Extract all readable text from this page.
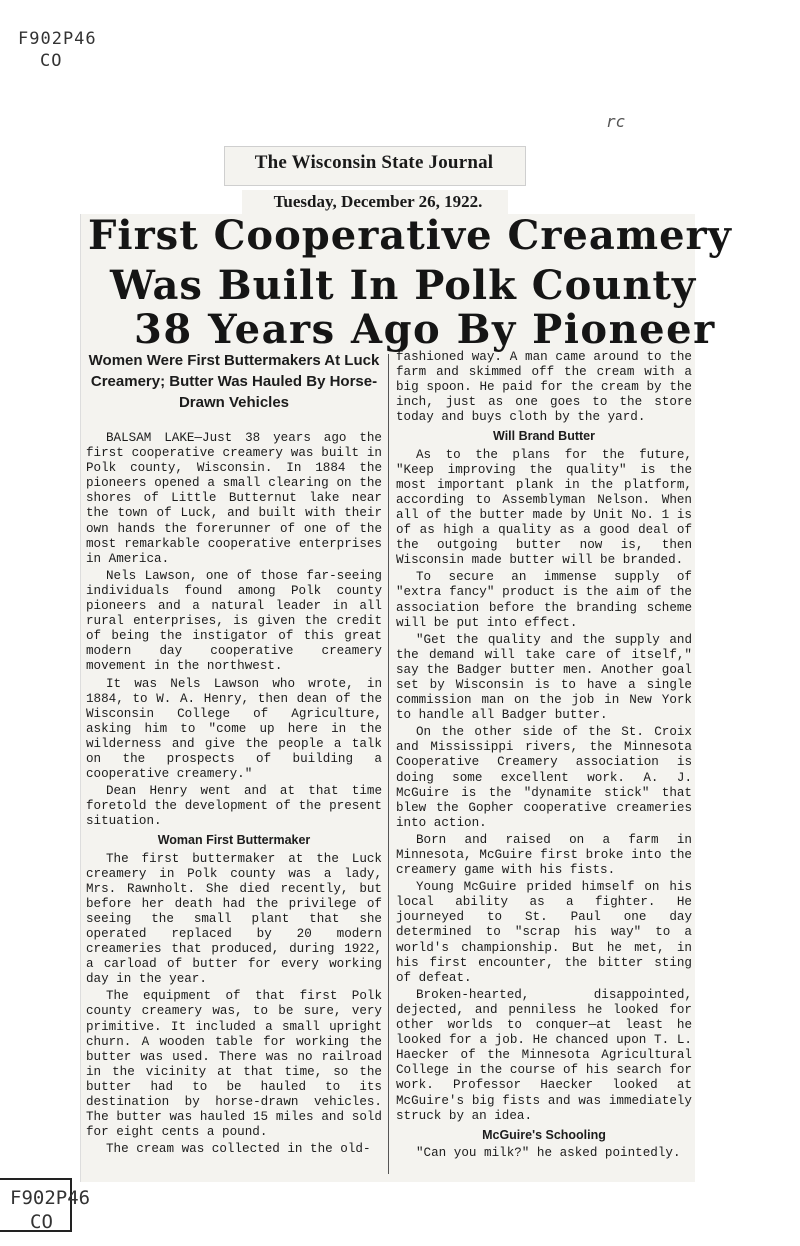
F902P46
CO
rc
F902P46
CO
The Wisconsin State Journal
Tuesday, December 26, 1922.
First Cooperative Creamery
Was Built In Polk County
38 Years Ago By Pioneer
Women Were First Buttermakers At Luck Creamery; Butter Was Hauled By Horse-Drawn Vehicles

BALSAM LAKE—Just 38 years ago the first cooperative creamery was built in Polk county, Wisconsin. In 1884 the pioneers opened a small clearing on the shores of Little Butternut lake near the town of Luck, and built with their own hands the forerunner of one of the most remarkable cooperative enterprises in America.

Nels Lawson, one of those far-seeing individuals found among Polk county pioneers and a natural leader in all rural enterprises, is given the credit of being the instigator of this great modern day cooperative creamery movement in the northwest.

It was Nels Lawson who wrote, in 1884, to W. A. Henry, then dean of the Wisconsin College of Agriculture, asking him to "come up here in the wilderness and give the people a talk on the prospects of building a cooperative creamery."

Dean Henry went and at that time foretold the development of the present situation.

Woman First Buttermaker

The first buttermaker at the Luck creamery in Polk county was a lady, Mrs. Rawnholt. She died recently, but before her death had the privilege of seeing the small plant that she operated replaced by 20 modern creameries that produced, during 1922, a carload of butter for every working day in the year.

The equipment of that first Polk county creamery was, to be sure, very primitive. It included a small upright churn. A wooden table for working the butter was used. There was no railroad in the vicinity at that time, so the butter had to be hauled to its destination by horse-drawn vehicles. The butter was hauled 15 miles and sold for eight cents a pound.

The cream was collected in the old-

fashioned way. A man came around to the farm and skimmed off the cream with a big spoon. He paid for the cream by the inch, just as one goes to the store today and buys cloth by the yard.

Will Brand Butter

As to the plans for the future, "Keep improving the quality" is the most important plank in the platform, according to Assemblyman Nelson. When all of the butter made by Unit No. 1 is of as high a quality as a good deal of the outgoing butter now is, then Wisconsin made butter will be branded.

To secure an immense supply of "extra fancy" product is the aim of the association before the branding scheme will be put into effect.

"Get the quality and the supply and the demand will take care of itself," say the Badger butter men. Another goal set by Wisconsin is to have a single commission man on the job in New York to handle all Badger butter.

On the other side of the St. Croix and Mississippi rivers, the Minnesota Cooperative Creamery association is doing some excellent work. A. J. McGuire is the "dynamite stick" that blew the Gopher cooperative creameries into action.

Born and raised on a farm in Minnesota, McGuire first broke into the creamery game with his fists.

Young McGuire prided himself on his local ability as a fighter. He journeyed to St. Paul one day determined to "scrap his way" to a world's championship. But he met, in his first encounter, the bitter sting of defeat.

Broken-hearted, disappointed, dejected, and penniless he looked for other worlds to conquer—at least he looked for a job. He chanced upon T. L. Haecker of the Minnesota Agricultural College in the course of his search for work. Professor Haecker looked at McGuire's big fists and was immediately struck by an idea.

McGuire's Schooling

"Can you milk?" he asked pointedly.
